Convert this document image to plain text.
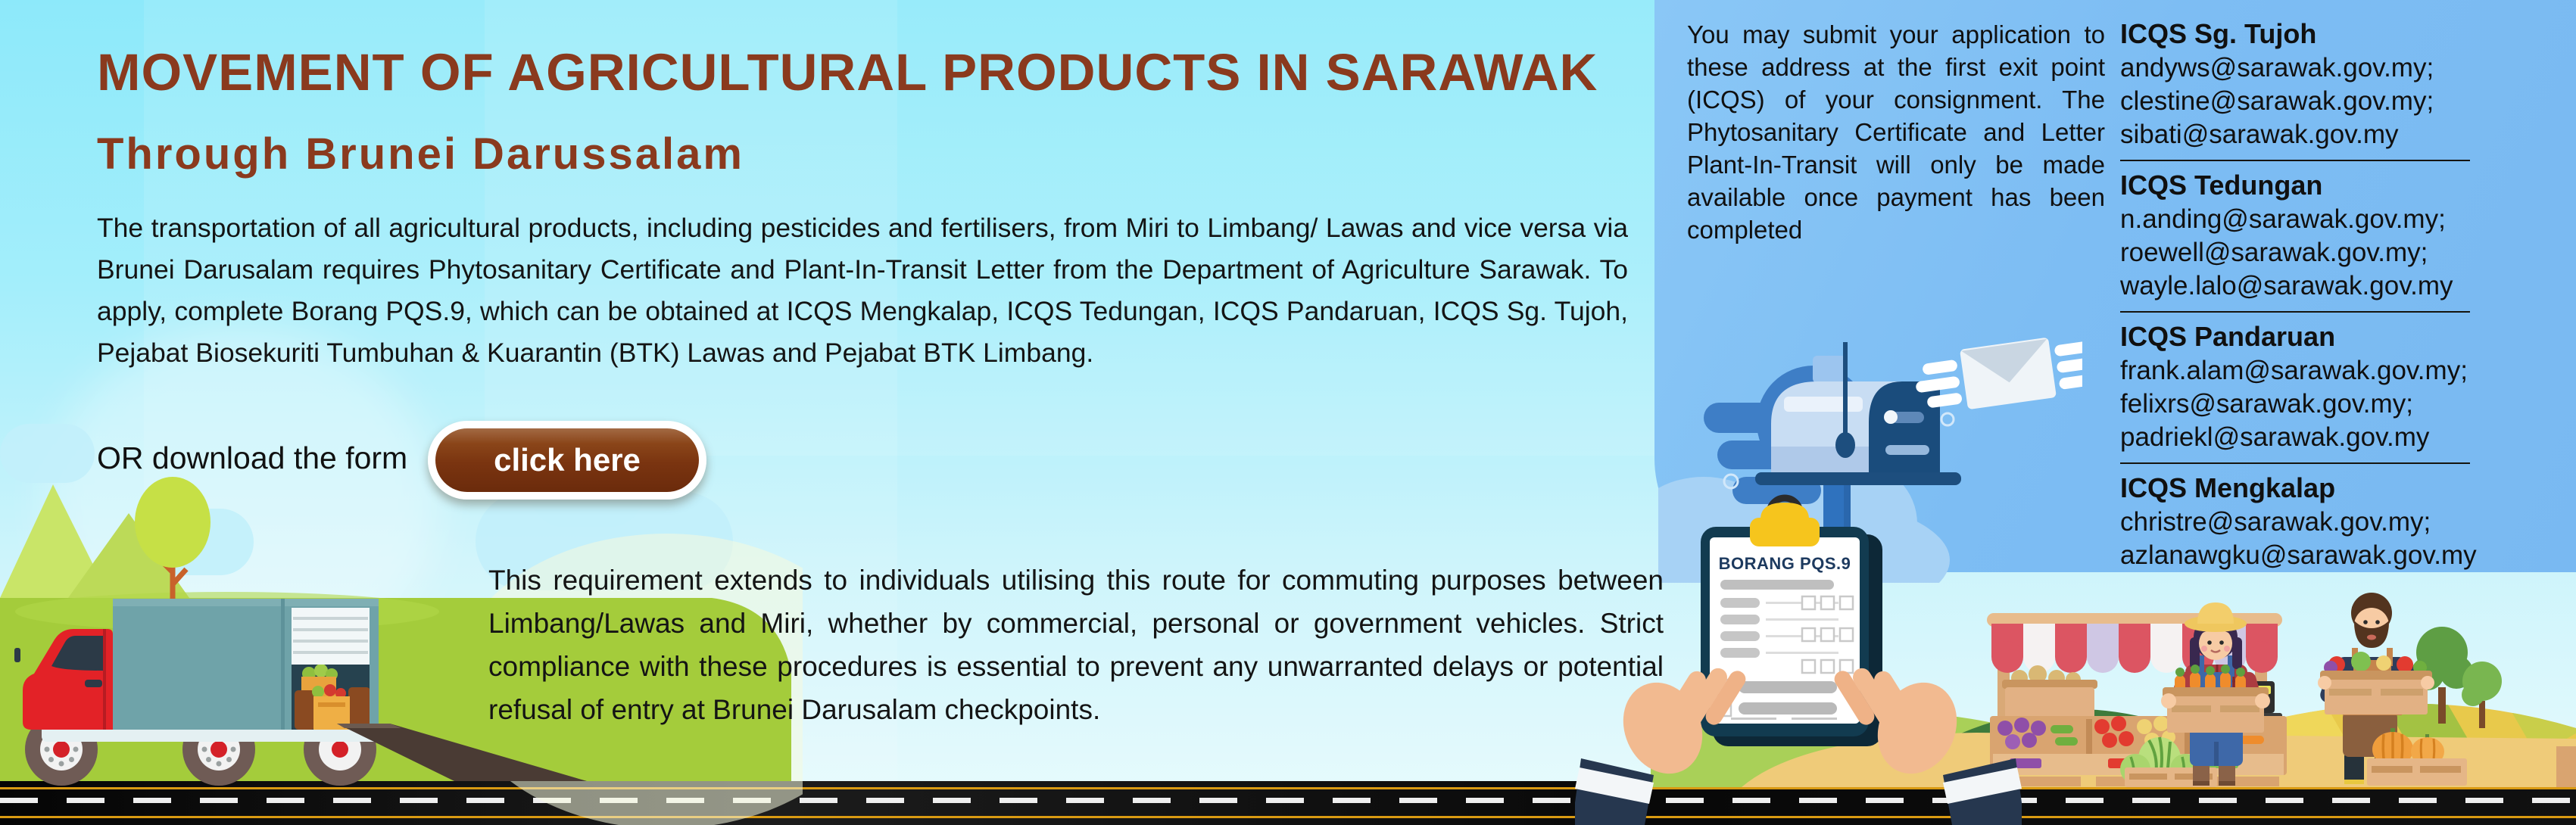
BORANG PQS.9
MOVEMENT OF AGRICULTURAL PRODUCTS IN SARAWAK
Through Brunei Darussalam
The transportation of all agricultural products, including pesticides and fertilisers, from Miri to Limbang/ Lawas and vice versa via Brunei Darusalam requires Phytosanitary Certificate and Plant-In-Transit Letter from the Department of Agriculture Sarawak. To apply, complete Borang PQS.9, which can be obtained at ICQS Mengkalap, ICQS Tedungan, ICQS Pandaruan, ICQS Sg. Tujoh, Pejabat Biosekuriti Tumbuhan & Kuarantin (BTK) Lawas and Pejabat BTK Limbang.
OR download the form	click here
This requirement extends to individuals utilising this route for commuting purposes between Limbang/Lawas and Miri, whether by commercial, personal or government vehicles. Strict compliance with these procedures is essential to prevent any unwarranted delays or potential refusal of entry at Brunei Darusalam checkpoints.
You may submit your application to these address at the first exit point (ICQS) of your consignment. The Phytosanitary Certificate and Letter Plant-In-Transit will only be made available once payment has been completed
ICQS Sg. Tujoh
andyws@sarawak.gov.my;
clestine@sarawak.gov.my;
sibati@sarawak.gov.my
ICQS Tedungan
n.anding@sarawak.gov.my;
roewell@sarawak.gov.my;
wayle.lalo@sarawak.gov.my
ICQS Pandaruan
frank.alam@sarawak.gov.my;
felixrs@sarawak.gov.my;
padriekl@sarawak.gov.my
ICQS Mengkalap
christre@sarawak.gov.my;
azlanawgku@sarawak.gov.my
